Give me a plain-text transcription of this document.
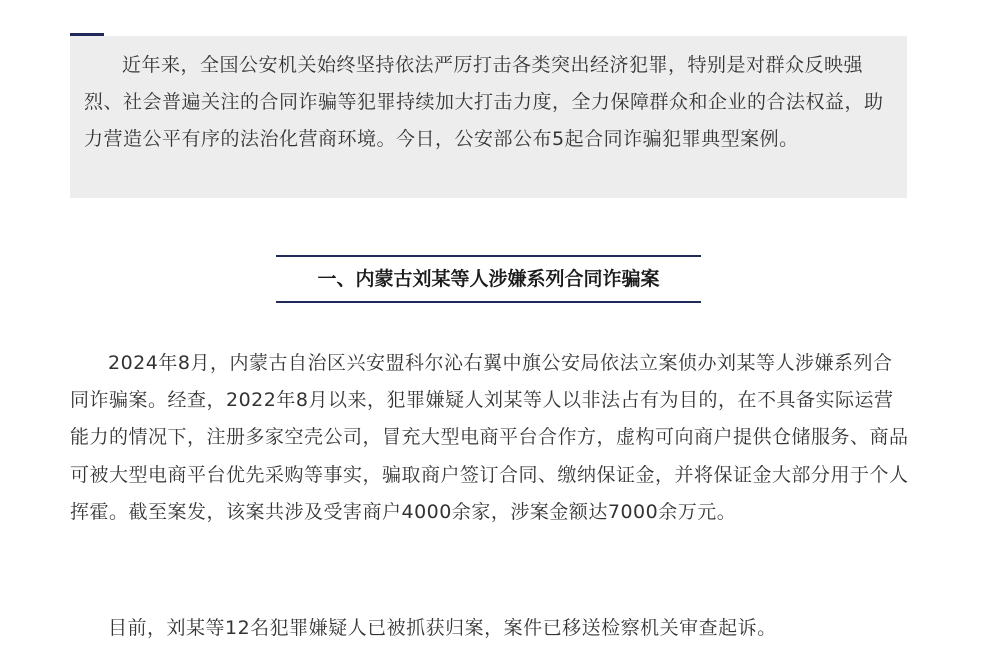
近年来，全国公安机关始终坚持依法严厉打击各类突出经济犯罪，特别是对群众反映强烈、社会普遍关注的合同诈骗等犯罪持续加大打击力度，全力保障群众和企业的合法权益，助力营造公平有序的法治化营商环境。今日，公安部公布5起合同诈骗犯罪典型案例。

一、内蒙古刘某等人涉嫌系列合同诈骗案

2024年8月，内蒙古自治区兴安盟科尔沁右翼中旗公安局依法立案侦办刘某等人涉嫌系列合同诈骗案。经查，2022年8月以来，犯罪嫌疑人刘某等人以非法占有为目的，在不具备实际运营能力的情况下，注册多家空壳公司，冒充大型电商平台合作方，虚构可向商户提供仓储服务、商品可被大型电商平台优先采购等事实，骗取商户签订合同、缴纳保证金，并将保证金大部分用于个人挥霍。截至案发，该案共涉及受害商户4000余家，涉案金额达7000余万元。

目前，刘某等12名犯罪嫌疑人已被抓获归案，案件已移送检察机关审查起诉。
